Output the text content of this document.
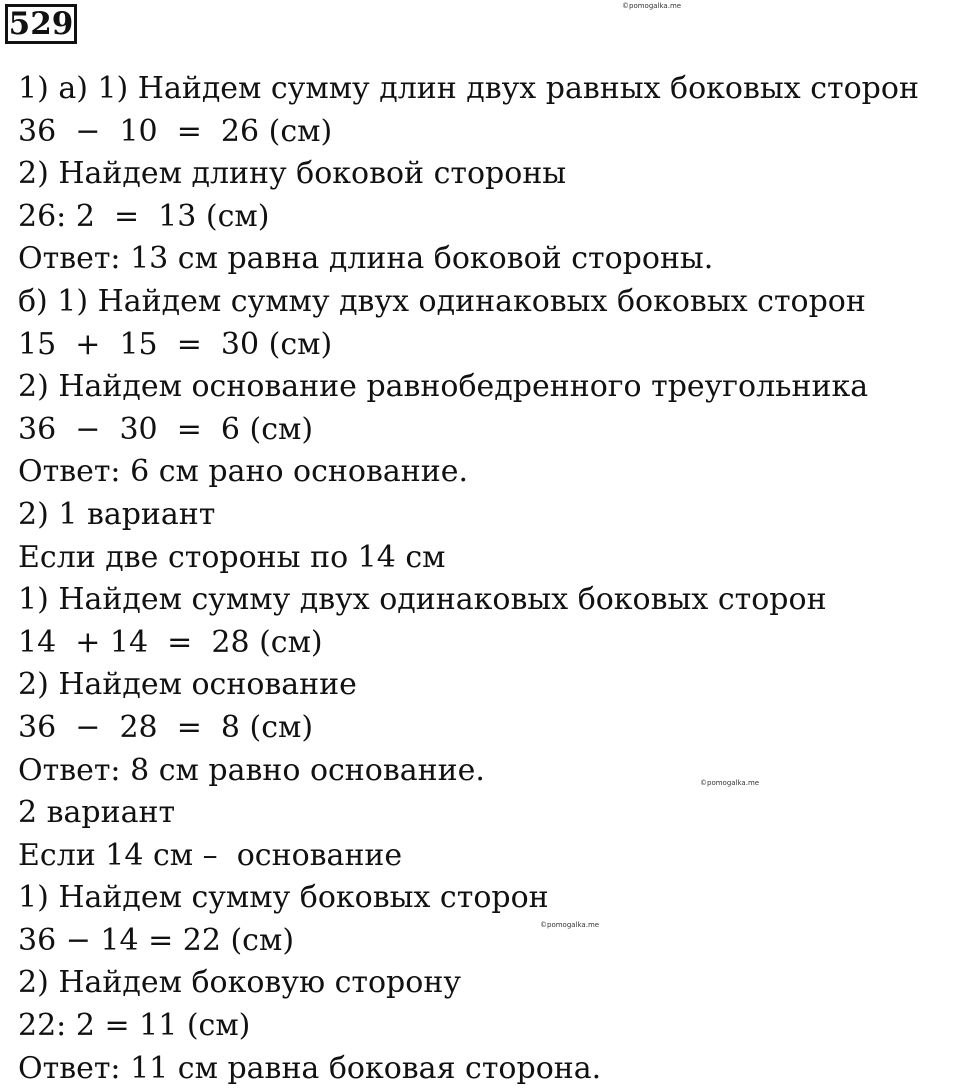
529	©pomogalka.me
©pomogalka.me
©pomogalka.me
1) а) 1) Найдем сумму длин двух равных боковых сторон
36  −  10  =  26 (см)
2) Найдем длину боковой стороны
26: 2  =  13 (см)
Ответ: 13 см равна длина боковой стороны.
б) 1) Найдем сумму двух одинаковых боковых сторон
15  +  15  =  30 (см)
2) Найдем основание равнобедренного треугольника
36  −  30  =  6 (см)
Ответ: 6 см рано основание.
2) 1 вариант
Если две стороны по 14 см
1) Найдем сумму двух одинаковых боковых сторон
14  + 14  =  28 (см)
2) Найдем основание
36  −  28  =  8 (см)
Ответ: 8 см равно основание.
2 вариант
Если 14 см –  основание
1) Найдем сумму боковых сторон
36 − 14 = 22 (см)
2) Найдем боковую сторону
22: 2 = 11 (см)
Ответ: 11 см равна боковая сторона.
